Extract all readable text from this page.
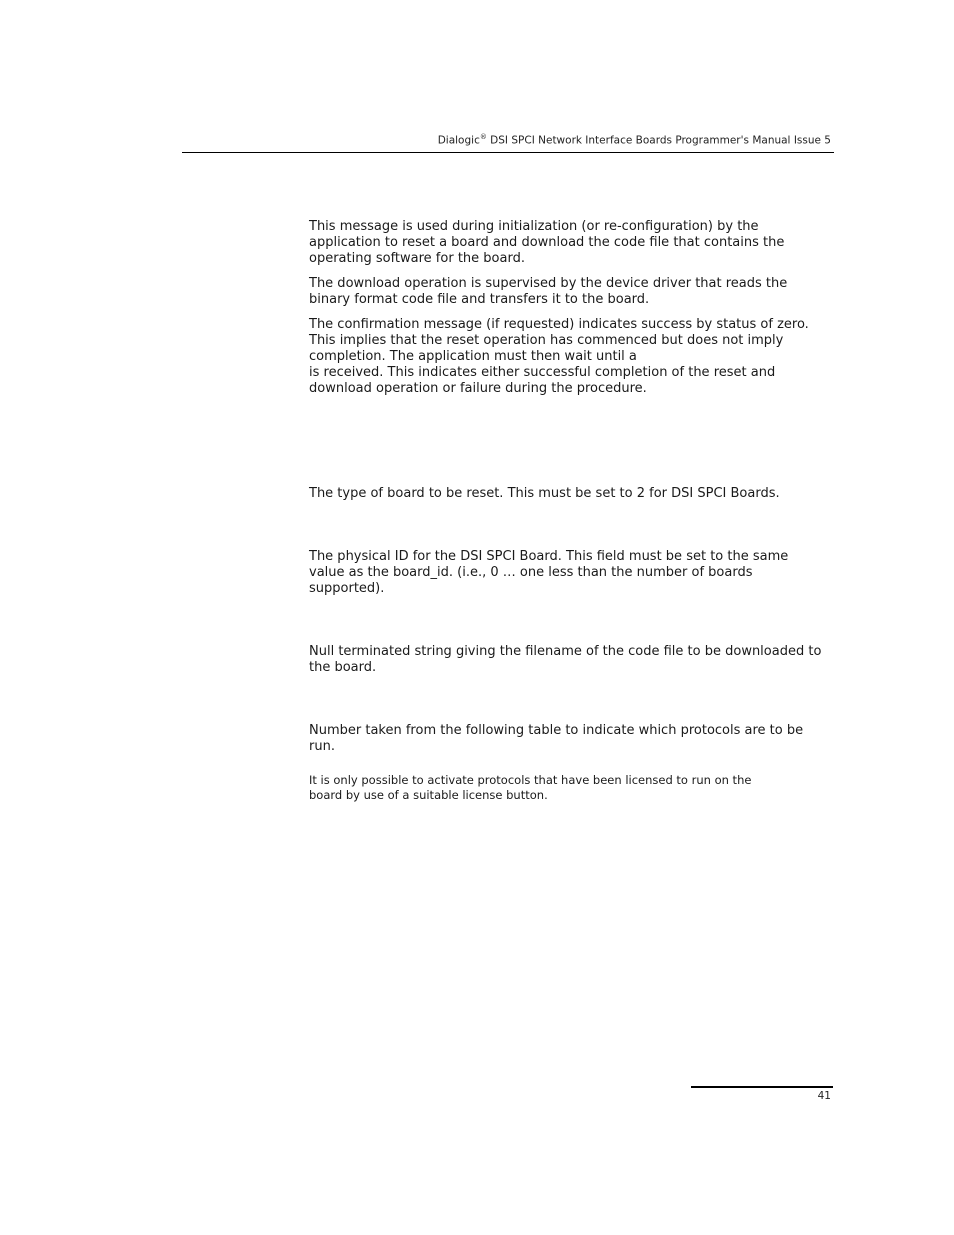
Dialogic® DSI SPCI Network Interface Boards Programmer's Manual Issue 5
This message is used during initialization (or re-configuration) by the
application to reset a board and download the code file that contains the
operating software for the board.
The download operation is supervised by the device driver that reads the
binary format code file and transfers it to the board.
The confirmation message (if requested) indicates success by status of zero.
This implies that the reset operation has commenced but does not imply
completion. The application must then wait until a
is received. This indicates either successful completion of the reset and
download operation or failure during the procedure.
The type of board to be reset. This must be set to 2 for DSI SPCI Boards.
The physical ID for the DSI SPCI Board. This field must be set to the same
value as the board_id. (i.e., 0 … one less than the number of boards
supported).
Null terminated string giving the filename of the code file to be downloaded to
the board.
Number taken from the following table to indicate which protocols are to be
run.
It is only possible to activate protocols that have been licensed to run on the
board by use of a suitable license button.
41
